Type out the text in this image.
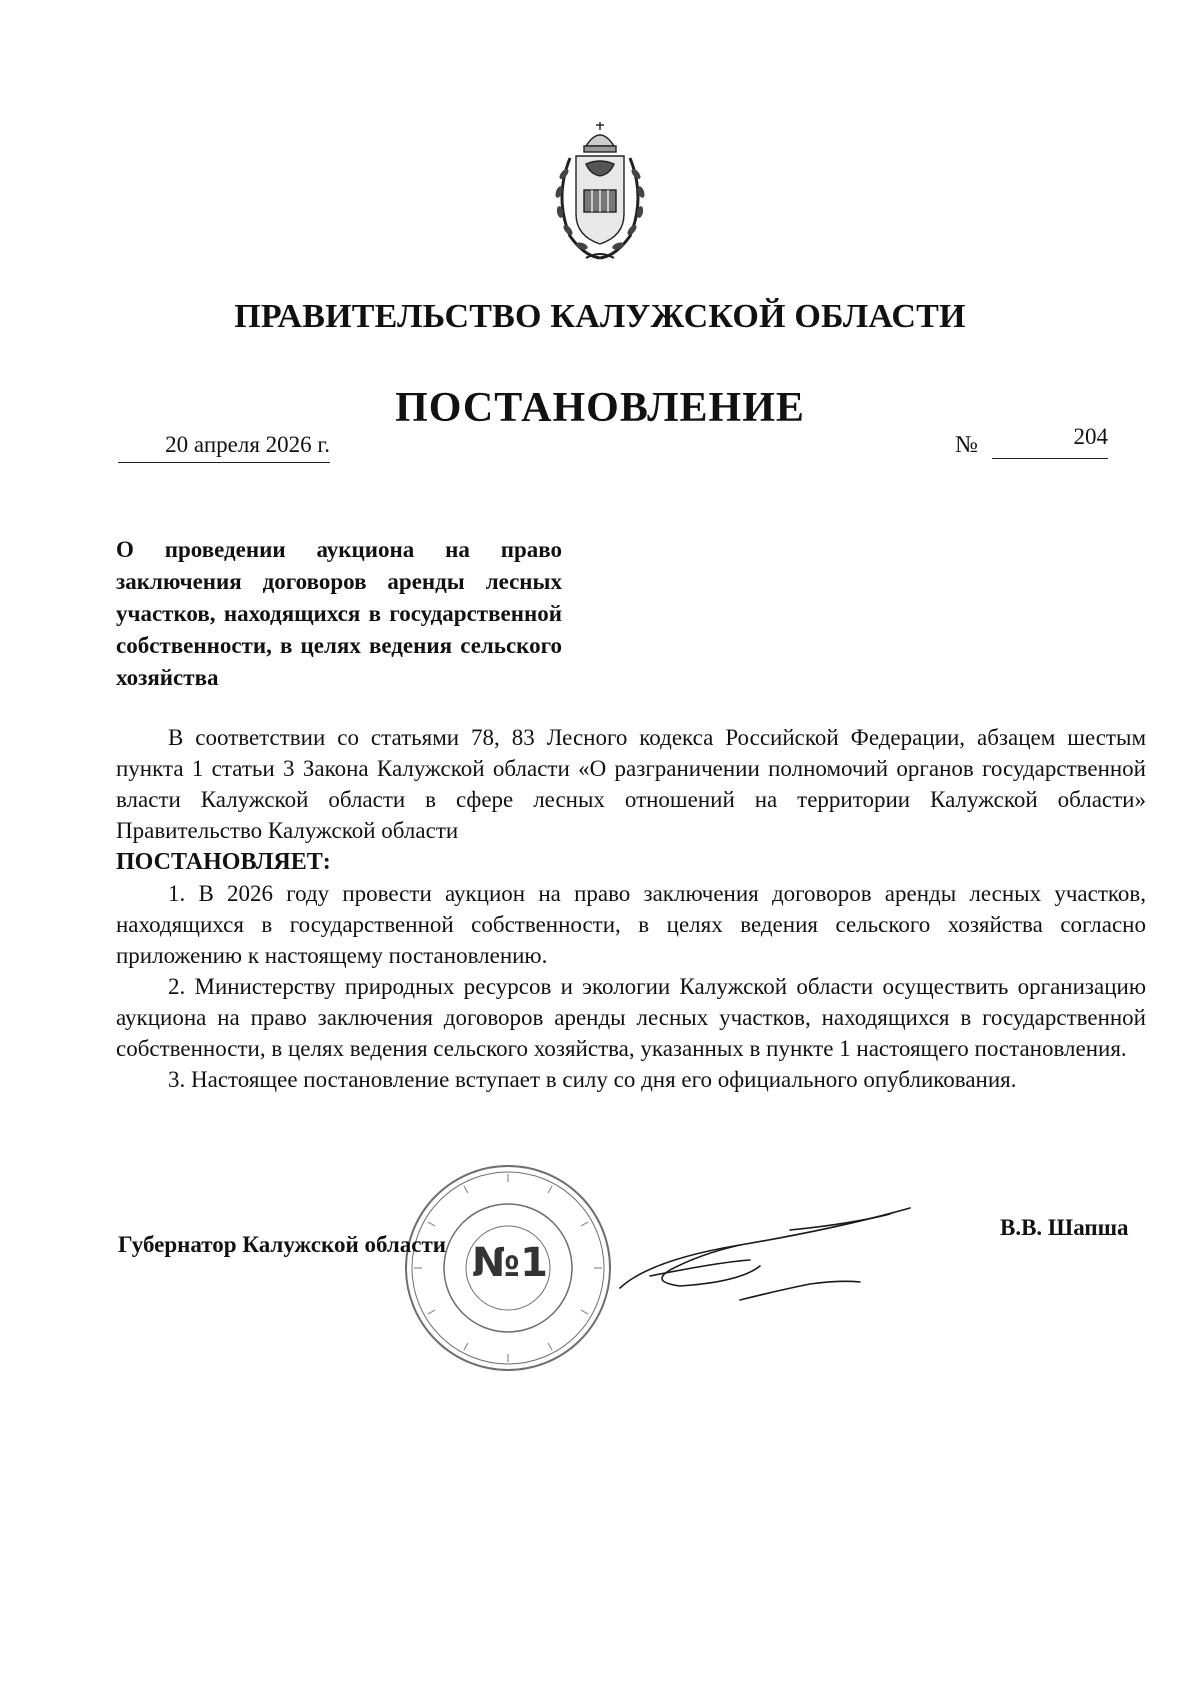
ПРАВИТЕЛЬСТВО КАЛУЖСКОЙ ОБЛАСТИ
ПОСТАНОВЛЕНИЕ
20 апреля 2026 г.	№	204
О проведении аукциона на право заключения договоров аренды лесных участков, находящихся в государственной собственности, в целях ведения сельского хозяйства

В соответствии со статьями 78, 83 Лесного кодекса Российской Федерации, абзацем шестым пункта 1 статьи 3 Закона Калужской области «О разграничении полномочий органов государственной власти Калужской области в сфере лесных отношений на территории Калужской области» Правительство Калужской области

ПОСТАНОВЛЯЕТ:

1. В 2026 году провести аукцион на право заключения договоров аренды лесных участков, находящихся в государственной собственности, в целях ведения сельского хозяйства согласно приложению к настоящему постановлению.

2. Министерству природных ресурсов и экологии Калужской области осуществить организацию аукциона на право заключения договоров аренды лесных участков, находящихся в государственной собственности, в целях ведения сельского хозяйства, указанных в пункте 1 настоящего постановления.

3. Настоящее постановление вступает в силу со дня его официального опубликования.

№1
Губернатор Калужской области
В.В. Шапша
